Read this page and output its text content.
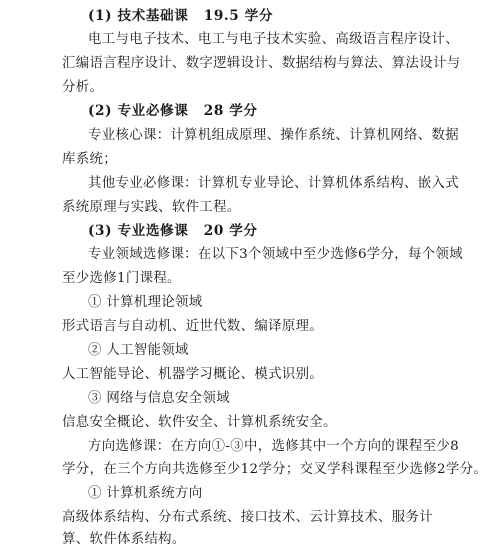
(1) 技术基础课 19.5 学分
电工与电子技术、电工与电子技术实验、高级语言程序设计、
汇编语言程序设计、数字逻辑设计、数据结构与算法、算法设计与
分析。
(2) 专业必修课 28 学分
专业核心课：计算机组成原理、操作系统、计算机网络、数据
库系统；
其他专业必修课：计算机专业导论、计算机体系结构、嵌入式
系统原理与实践、软件工程。
(3) 专业选修课 20 学分
专业领域选修课：在以下3个领域中至少选修6学分，每个领域
至少选修1门课程。
① 计算机理论领域
形式语言与自动机、近世代数、编译原理。
② 人工智能领域
人工智能导论、机器学习概论、模式识别。
③ 网络与信息安全领域
信息安全概论、软件安全、计算机系统安全。
方向选修课：在方向①-③中，选修其中一个方向的课程至少8
学分，在三个方向共选修至少12学分；交叉学科课程至少选修2学分。
① 计算机系统方向
高级体系结构、分布式系统、接口技术、云计算技术、服务计
算、软件体系结构。
